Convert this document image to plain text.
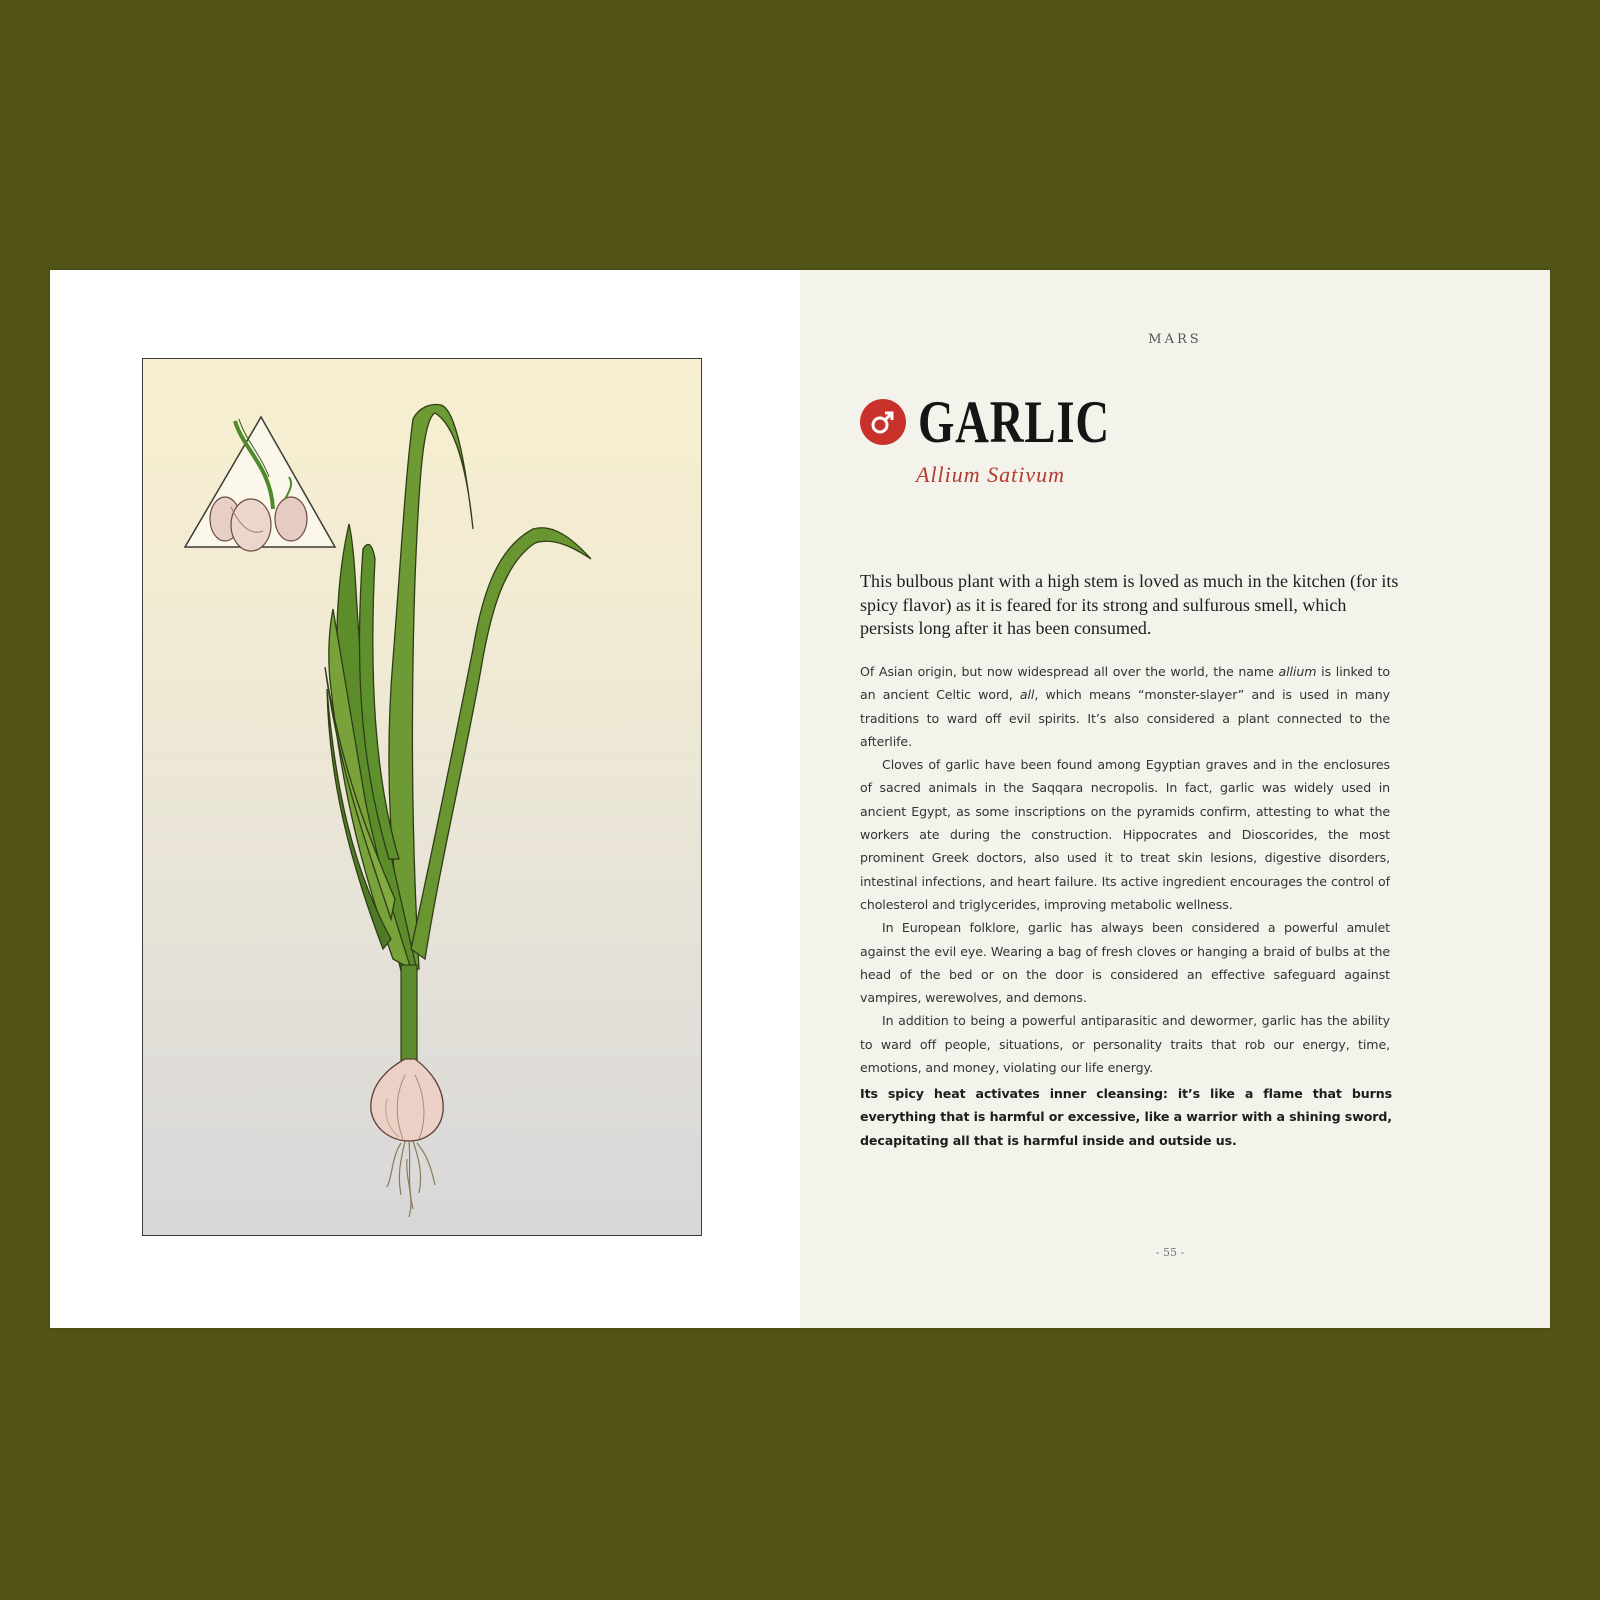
MARS
GARLIC
Allium Sativum

This bulbous plant with a high stem is loved as much in the kitchen (for its spicy flavor) as it is feared for its strong and sulfurous smell, which persists long after it has been consumed.

Of Asian origin, but now widespread all over the world, the name allium is linked to an ancient Celtic word, all, which means “monster-slayer” and is used in many traditions to ward off evil spirits. It’s also considered a plant connected to the afterlife.

Cloves of garlic have been found among Egyptian graves and in the enclosures of sacred animals in the Saqqara necropolis. In fact, garlic was widely used in ancient Egypt, as some inscriptions on the pyramids confirm, attesting to what the workers ate during the construction. Hippocrates and Dioscorides, the most prominent Greek doctors, also used it to treat skin lesions, digestive disorders, intestinal infections, and heart failure. Its active ingredient encourages the control of cholesterol and triglycerides, improving metabolic wellness.

In European folklore, garlic has always been considered a powerful amulet against the evil eye. Wearing a bag of fresh cloves or hanging a braid of bulbs at the head of the bed or on the door is considered an effective safeguard against vampires, werewolves, and demons.

In addition to being a powerful antiparasitic and dewormer, garlic has the ability to ward off people, situations, or personality traits that rob our energy, time, emotions, and money, violating our life energy.

Its spicy heat activates inner cleansing: it’s like a flame that burns everything that is harmful or excessive, like a warrior with a shining sword, decapitating all that is harmful inside and outside us.

- 55 -
